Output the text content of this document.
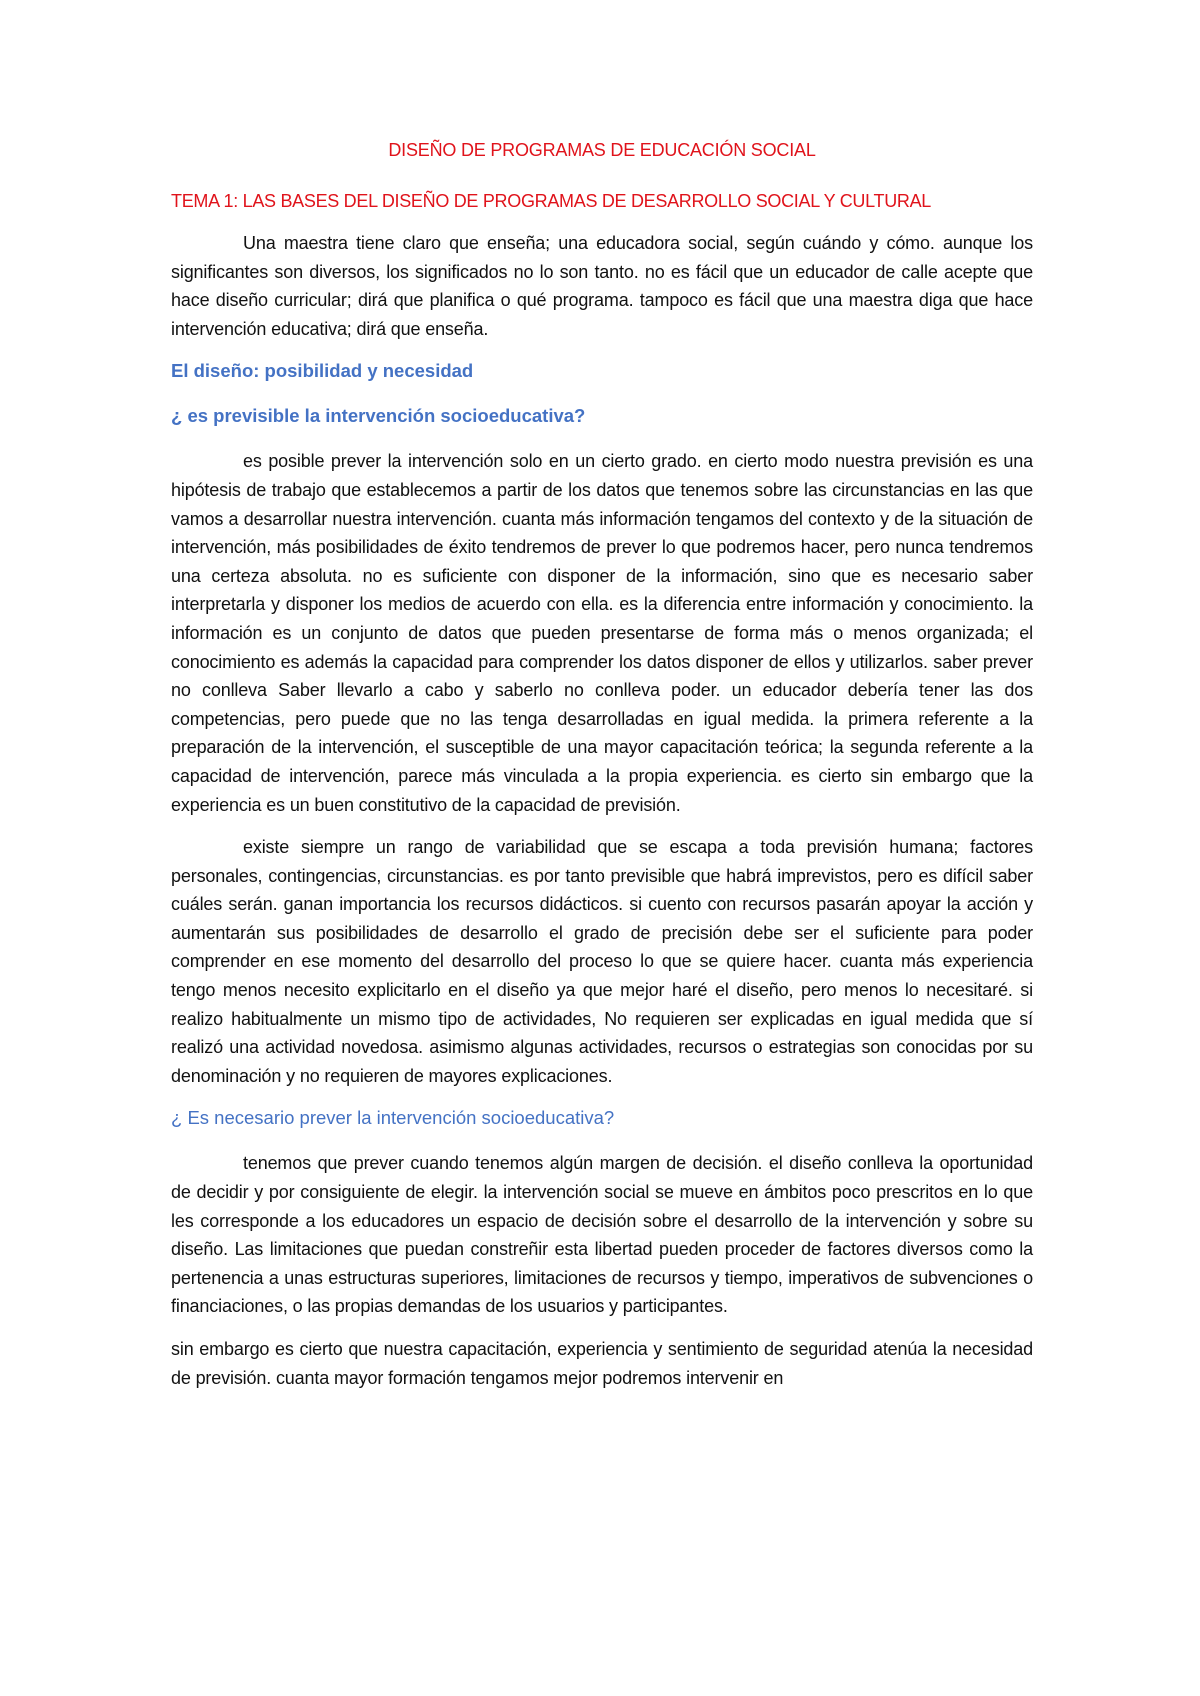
DISEÑO DE PROGRAMAS DE EDUCACIÓN SOCIAL
TEMA 1: LAS BASES DEL DISEÑO DE PROGRAMAS DE DESARROLLO SOCIAL Y CULTURAL
Una maestra tiene claro que enseña; una educadora social, según cuándo y cómo. aunque los significantes son diversos, los significados no lo son tanto. no es fácil que un educador de calle acepte que hace diseño curricular; dirá que planifica o qué programa. tampoco es fácil que una maestra diga que hace intervención educativa; dirá que enseña.
El diseño: posibilidad y necesidad
¿ es previsible la intervención socioeducativa?
es posible prever la intervención solo en un cierto grado. en cierto modo nuestra previsión es una hipótesis de trabajo que establecemos a partir de los datos que tenemos sobre las circunstancias en las que vamos a desarrollar nuestra intervención. cuanta más información tengamos del contexto y de la situación de intervención, más posibilidades de éxito tendremos de prever lo que podremos hacer, pero nunca tendremos una certeza absoluta. no es suficiente con disponer de la información, sino que es necesario saber interpretarla y disponer los medios de acuerdo con ella. es la diferencia entre información y conocimiento. la información es un conjunto de datos que pueden presentarse de forma más o menos organizada; el conocimiento es además la capacidad para comprender los datos disponer de ellos y utilizarlos. saber prever no conlleva Saber llevarlo a cabo y saberlo no conlleva poder. un educador debería tener las dos competencias, pero puede que no las tenga desarrolladas en igual medida. la primera referente a la preparación de la intervención, el susceptible de una mayor capacitación teórica; la segunda referente a la capacidad de intervención, parece más vinculada a la propia experiencia. es cierto sin embargo que la experiencia es un buen constitutivo de la capacidad de previsión.
existe siempre un rango de variabilidad que se escapa a toda previsión humana; factores personales, contingencias, circunstancias. es por tanto previsible que habrá imprevistos, pero es difícil saber cuáles serán. ganan importancia los recursos didácticos. si cuento con recursos pasarán apoyar la acción y aumentarán sus posibilidades de desarrollo el grado de precisión debe ser el suficiente para poder comprender en ese momento del desarrollo del proceso lo que se quiere hacer. cuanta más experiencia tengo menos necesito explicitarlo en el diseño ya que mejor haré el diseño, pero menos lo necesitaré. si realizo habitualmente un mismo tipo de actividades, No requieren ser explicadas en igual medida que sí realizó una actividad novedosa. asimismo algunas actividades, recursos o estrategias son conocidas por su denominación y no requieren de mayores explicaciones.
¿ Es necesario prever la intervención socioeducativa?
tenemos que prever cuando tenemos algún margen de decisión. el diseño conlleva la oportunidad de decidir y por consiguiente de elegir. la intervención social se mueve en ámbitos poco prescritos en lo que les corresponde a los educadores un espacio de decisión sobre el desarrollo de la intervención y sobre su diseño. Las limitaciones que puedan constreñir esta libertad pueden proceder de factores diversos como la pertenencia a unas estructuras superiores, limitaciones de recursos y tiempo, imperativos de subvenciones o financiaciones, o las propias demandas de los usuarios y participantes.
sin embargo es cierto que nuestra capacitación, experiencia y sentimiento de seguridad atenúa la necesidad de previsión. cuanta mayor formación tengamos mejor podremos intervenir en
